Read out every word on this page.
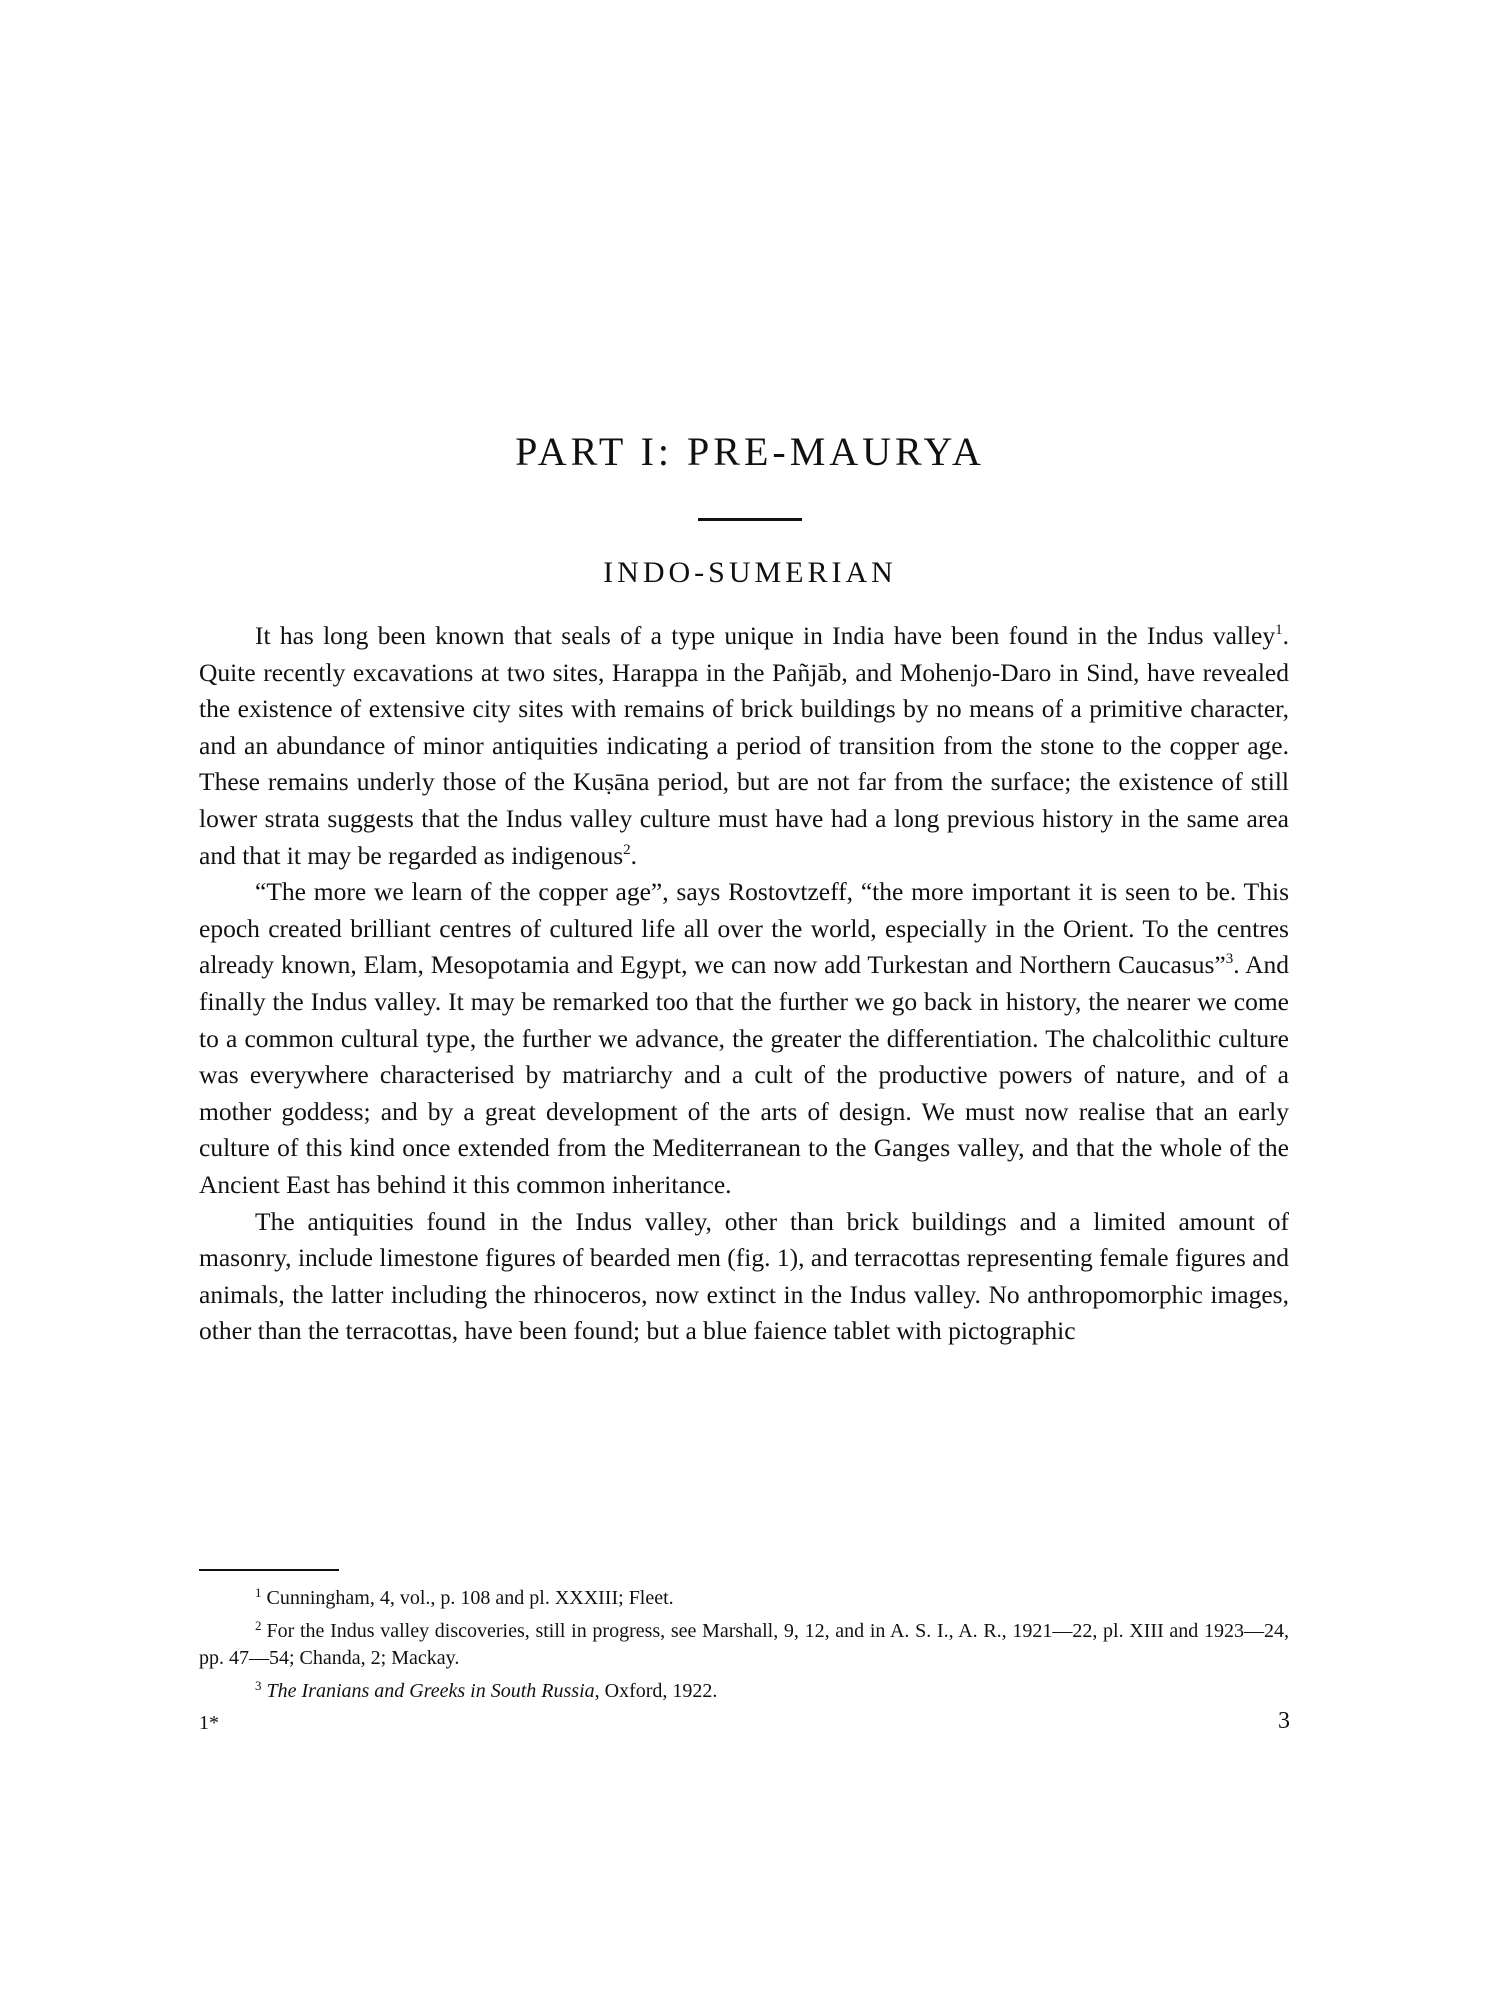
PART I: PRE-MAURYA
INDO-SUMERIAN

It has long been known that seals of a type unique in India have been found in the Indus valley$^1$. Quite recently excavations at two sites, Harappa in the Pañjāb, and Mohenjo-Daro in Sind, have revealed the existence of extensive city sites with remains of brick buildings by no means of a primitive character, and an abundance of minor antiquities indicating a period of transition from the stone to the copper age. These remains underly those of the Kuṣāna period, but are not far from the surface; the existence of still lower strata suggests that the Indus valley culture must have had a long previous history in the same area and that it may be regarded as indigenous$^2$.

“The more we learn of the copper age”, says Rostovtzeff, “the more important it is seen to be. This epoch created brilliant centres of cultured life all over the world, especially in the Orient. To the centres already known, Elam, Mesopotamia and Egypt, we can now add Turkestan and Northern Caucasus”$^3$. And finally the Indus valley. It may be remarked too that the further we go back in history, the nearer we come to a common cultural type, the further we advance, the greater the differentiation. The chalcolithic culture was everywhere characterised by matriarchy and a cult of the productive powers of nature, and of a mother goddess; and by a great development of the arts of design. We must now realise that an early culture of this kind once extended from the Mediterranean to the Ganges valley, and that the whole of the Ancient East has behind it this common inheritance.

The antiquities found in the Indus valley, other than brick buildings and a limited amount of masonry, include limestone figures of bearded men (fig. 1), and terracottas representing female figures and animals, the latter including the rhinoceros, now extinct in the Indus valley. No anthropomorphic images, other than the terracottas, have been found; but a blue faience tablet with pictographic

$^1$ Cunningham, 4, vol., p. 108 and pl. XXXIII; Fleet.

$^2$ For the Indus valley discoveries, still in progress, see Marshall, 9, 12, and in A. S. I., A. R., 1921—22, pl. XIII and 1923—24, pp. 47—54; Chanda, 2; Mackay.

$^3$ The Iranians and Greeks in South Russia, Oxford, 1922.

1*	3
